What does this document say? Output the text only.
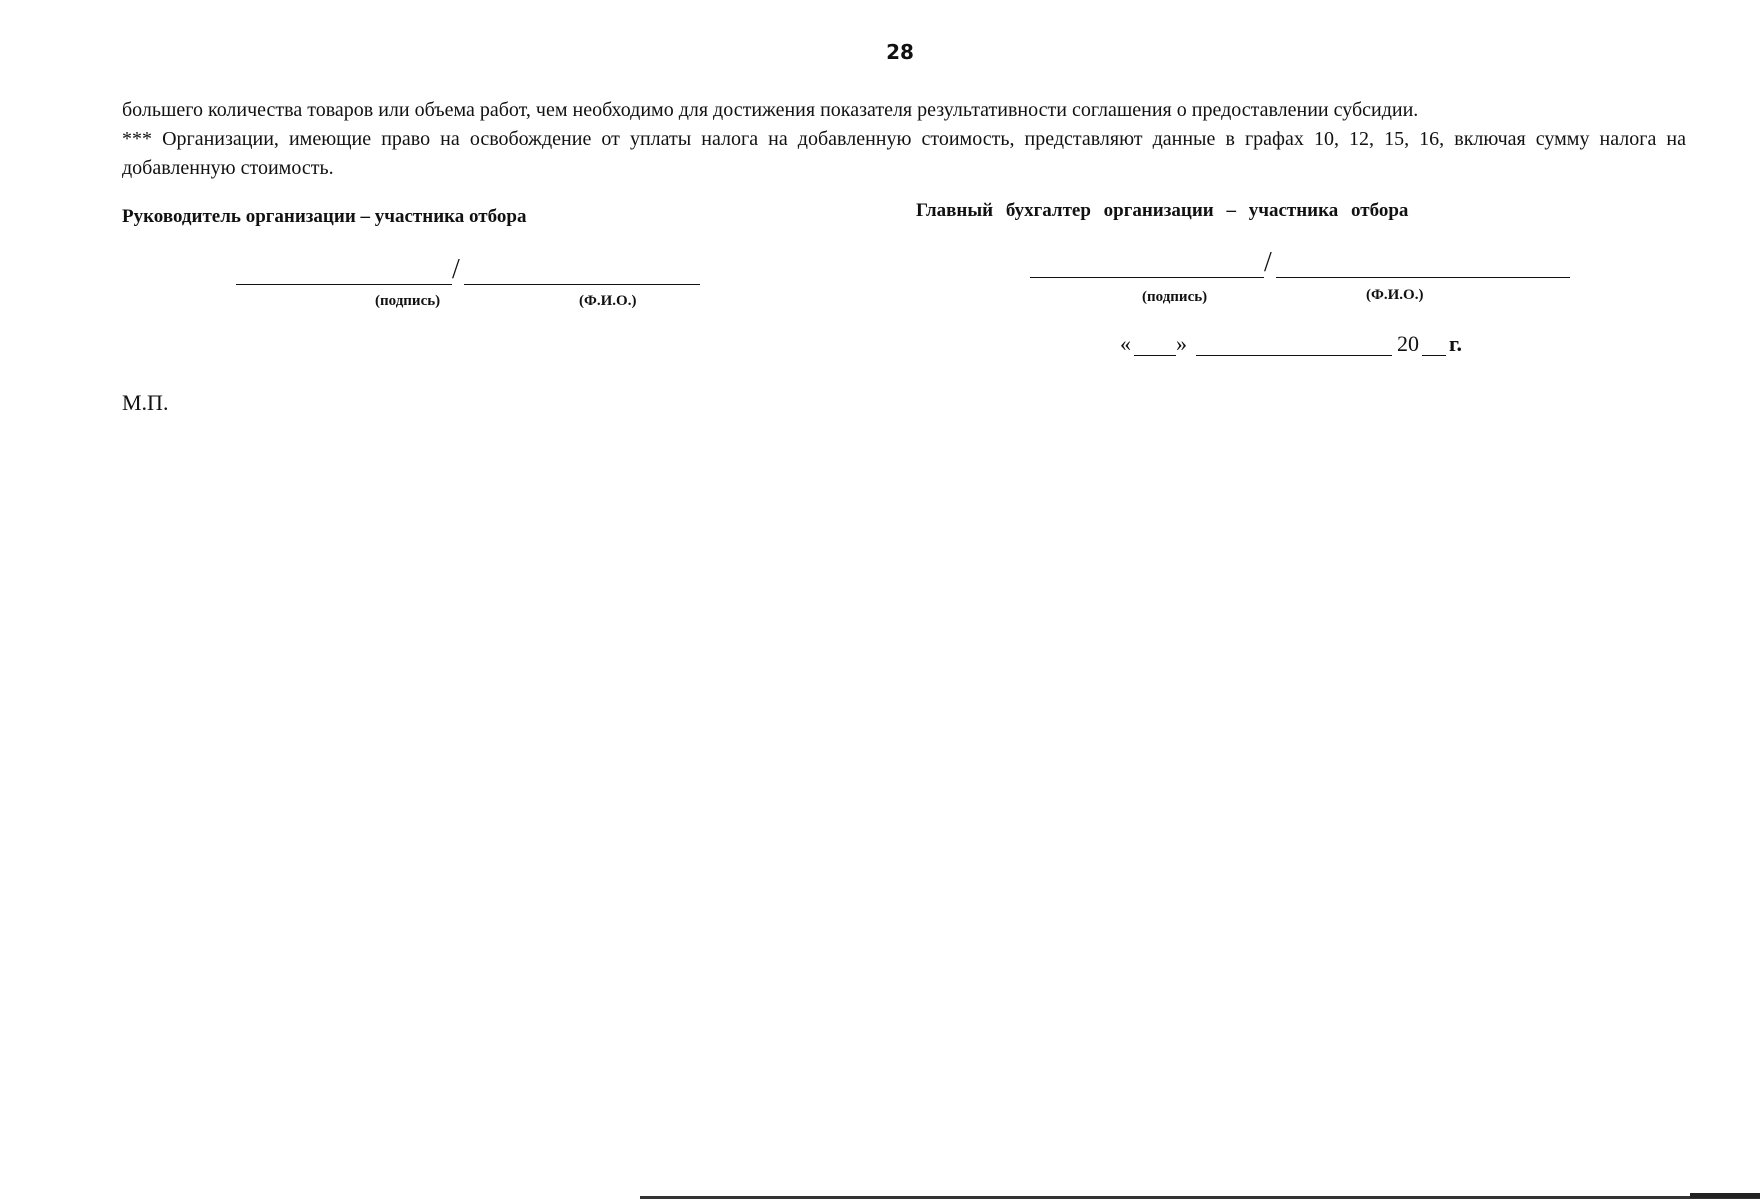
28

большего количества товаров или объема работ, чем необходимо для достижения показателя результативности соглашения о предоставлении субсидии.

*** Организации, имеющие право на освобождение от уплаты налога на добавленную стоимость, представляют данные в графах 10, 12, 15, 16, включая сумму налога на добавленную стоимость.

Руководитель организации – участника отбора
/
(подпись)	(Ф.И.О.)
Главный бухгалтер организации – участника отбора
/
(подпись)	(Ф.И.О.)
« »	20 г.
М.П.
